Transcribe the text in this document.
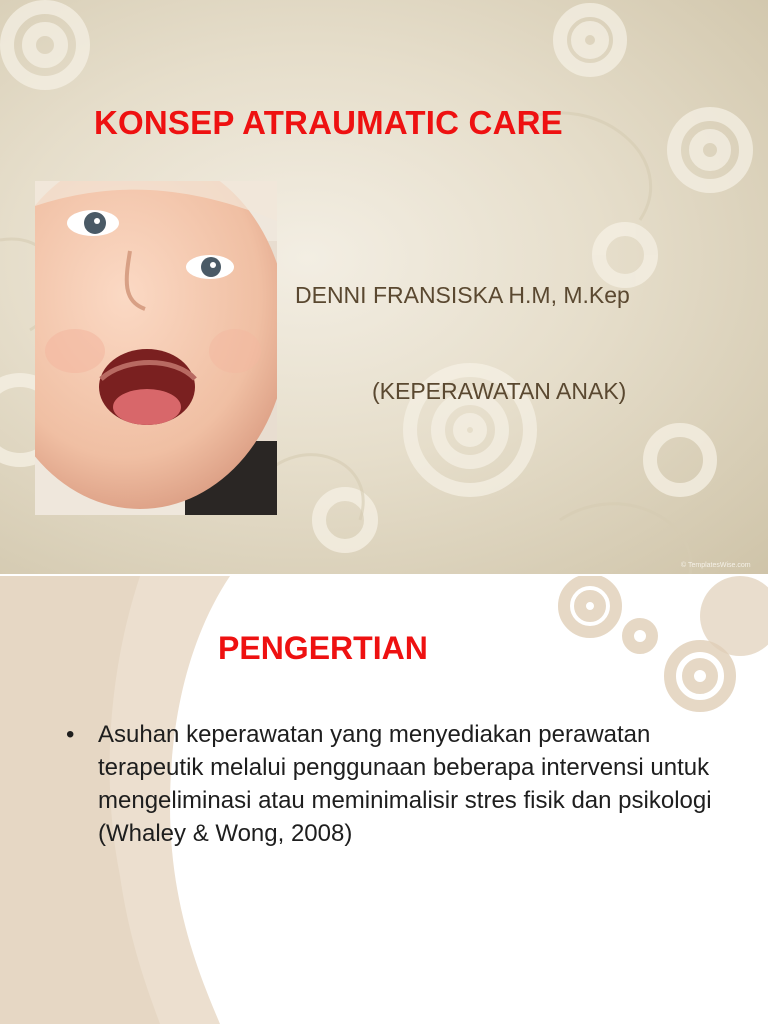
KONSEP ATRAUMATIC CARE
DENNI FRANSISKA H.M, M.Kep
(KEPERAWATAN ANAK)
© TemplatesWise.com
PENGERTIAN
• Asuhan keperawatan yang menyediakan perawatan terapeutik melalui penggunaan beberapa intervensi untuk mengeliminasi atau meminimalisir stres fisik dan psikologi (Whaley & Wong, 2008)
